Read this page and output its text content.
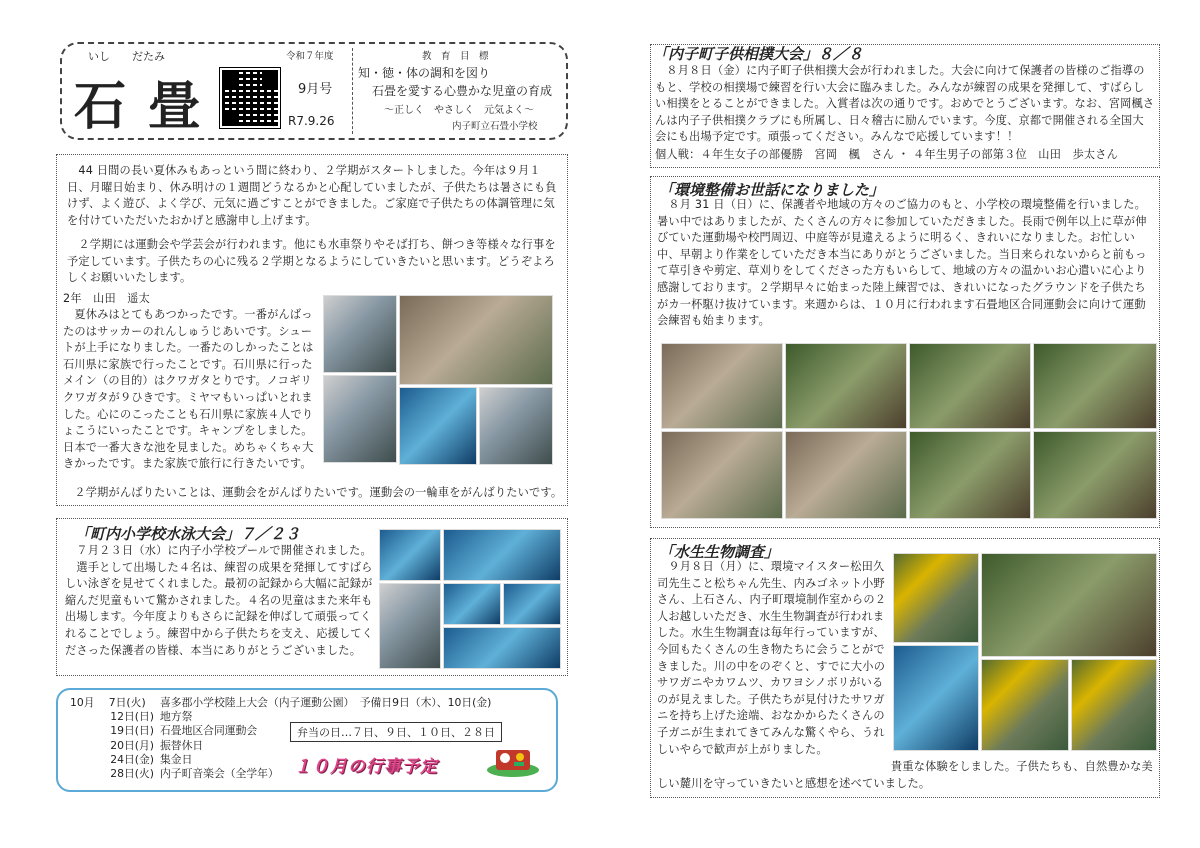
いし　　だたみ
石 畳
令和７年度
9月号
R7.9.26
教　育　目　標
知・徳・体の調和を図り
石畳を愛する心豊かな児童の育成
～正しく　やさしく　元気よく～
内子町立石畳小学校
　44 日間の長い夏休みもあっという間に終わり、２学期がスタートしました。今年は９月１日、月曜日始まり、休み明けの１週間どうなるかと心配していましたが、子供たちは暑さにも負けず、よく遊び、よく学び、元気に過ごすことができました。ご家庭で子供たちの体調管理に気を付けていただいたおかげと感謝申し上げます。
　２学期には運動会や学芸会が行われます。他にも水車祭りやそば打ち、餅つき等様々な行事を予定しています。子供たちの心に残る２学期となるようにしていきたいと思います。どうぞよろしくお願いいたします。
2年　山田　遥太
　夏休みはとてもあつかったです。一番がんばったのはサッカーのれんしゅうじあいです。シュートが上手になりました。一番たのしかったことは石川県に家族で行ったことです。石川県に行ったメイン（の目的）はクワガタとりです。ノコギリクワガタが９ひきです。ミヤマもいっぱいとれました。心にのこったことも石川県に家族４人でりょこうにいったことです。キャンプをしました。日本で一番大きな池を見ました。めちゃくちゃ大きかったです。また家族で旅行に行きたいです。
　２学期がんばりたいことは、運動会をがんばりたいです。運動会の一輪車をがんばりたいです。
「町内小学校水泳大会」７／２３
　７月２３日（水）に内子小学校プールで開催されました。
　選手として出場した４名は、練習の成果を発揮してすばらしい泳ぎを見せてくれました。最初の記録から大幅に記録が縮んだ児童もいて驚かされました。４名の児童はまた来年も出場します。今年度よりもさらに記録を伸ばして頑張ってくれることでしょう。練習中から子供たちを支え、応援してくださった保護者の皆様、本当にありがとうございました。
10月　 7日(火) 喜多郡小学校陸上大会（内子運動公園）　予備日9日（木）、10日(金)
12日(日) 地方祭
19日(日) 石畳地区合同運動会
20日(月) 振替休日
24日(金) 集金日
28日(火) 内子町音楽会（全学年）
弁当の日…７日、９日、１０日、２８日
１０月の行事予定
「内子町子供相撲大会」８／８
　８月８日（金）に内子町子供相撲大会が行われました。大会に向けて保護者の皆様のご指導のもと、学校の相撲場で練習を行い大会に臨みました。みんなが練習の成果を発揮して、すばらしい相撲をとることができました。入賞者は次の通りです。おめでとうございます。なお、宮岡楓さんは内子子供相撲クラブにも所属し、日々稽古に励んでいます。今度、京都で開催される全国大会にも出場予定です。頑張ってください。みんなで応援しています！！
個人戦：４年生女子の部優勝　宮岡　楓　さん ・ ４年生男子の部第３位　山田　歩太さん
「環境整備お世話になりました」
　８月 31 日（日）に、保護者や地域の方々のご協力のもと、小学校の環境整備を行いました。暑い中ではありましたが、たくさんの方々に参加していただきました。長雨で例年以上に草が伸びていた運動場や校門周辺、中庭等が見違えるように明るく、きれいになりました。お忙しい中、早朝より作業をしていただき本当にありがとうございました。当日来られないからと前もって草引きや剪定、草刈りをしてくださった方もいらして、地域の方々の温かいお心遣いに心より感謝しております。２学期早々に始まった陸上練習では、きれいになったグラウンドを子供たちがカ一杯駆け抜けています。来週からは、１０月に行われます石畳地区合同運動会に向けて運動会練習も始まります。
「水生生物調査」
　９月８日（月）に、環境マイスター松田久司先生こと松ちゃん先生、内みゴネット小野さん、上石さん、内子町環境制作室からの２人お越しいただき、水生生物調査が行われました。水生生物調査は毎年行っていますが、今回もたくさんの生き物たちに会うことができました。川の中をのぞくと、すでに大小のサワガニやカワムツ、カワヨシノボリがいるのが見えました。子供たちが見付けたサワガニを持ち上げた途端、おなかからたくさんの子ガニが生まれてきてみんな驚くやら、うれしいやらで歓声が上がりました。
貴重な体験をしました。子供たちも、自然豊かな美しい麓川を守っていきたいと感想を述べていました。
